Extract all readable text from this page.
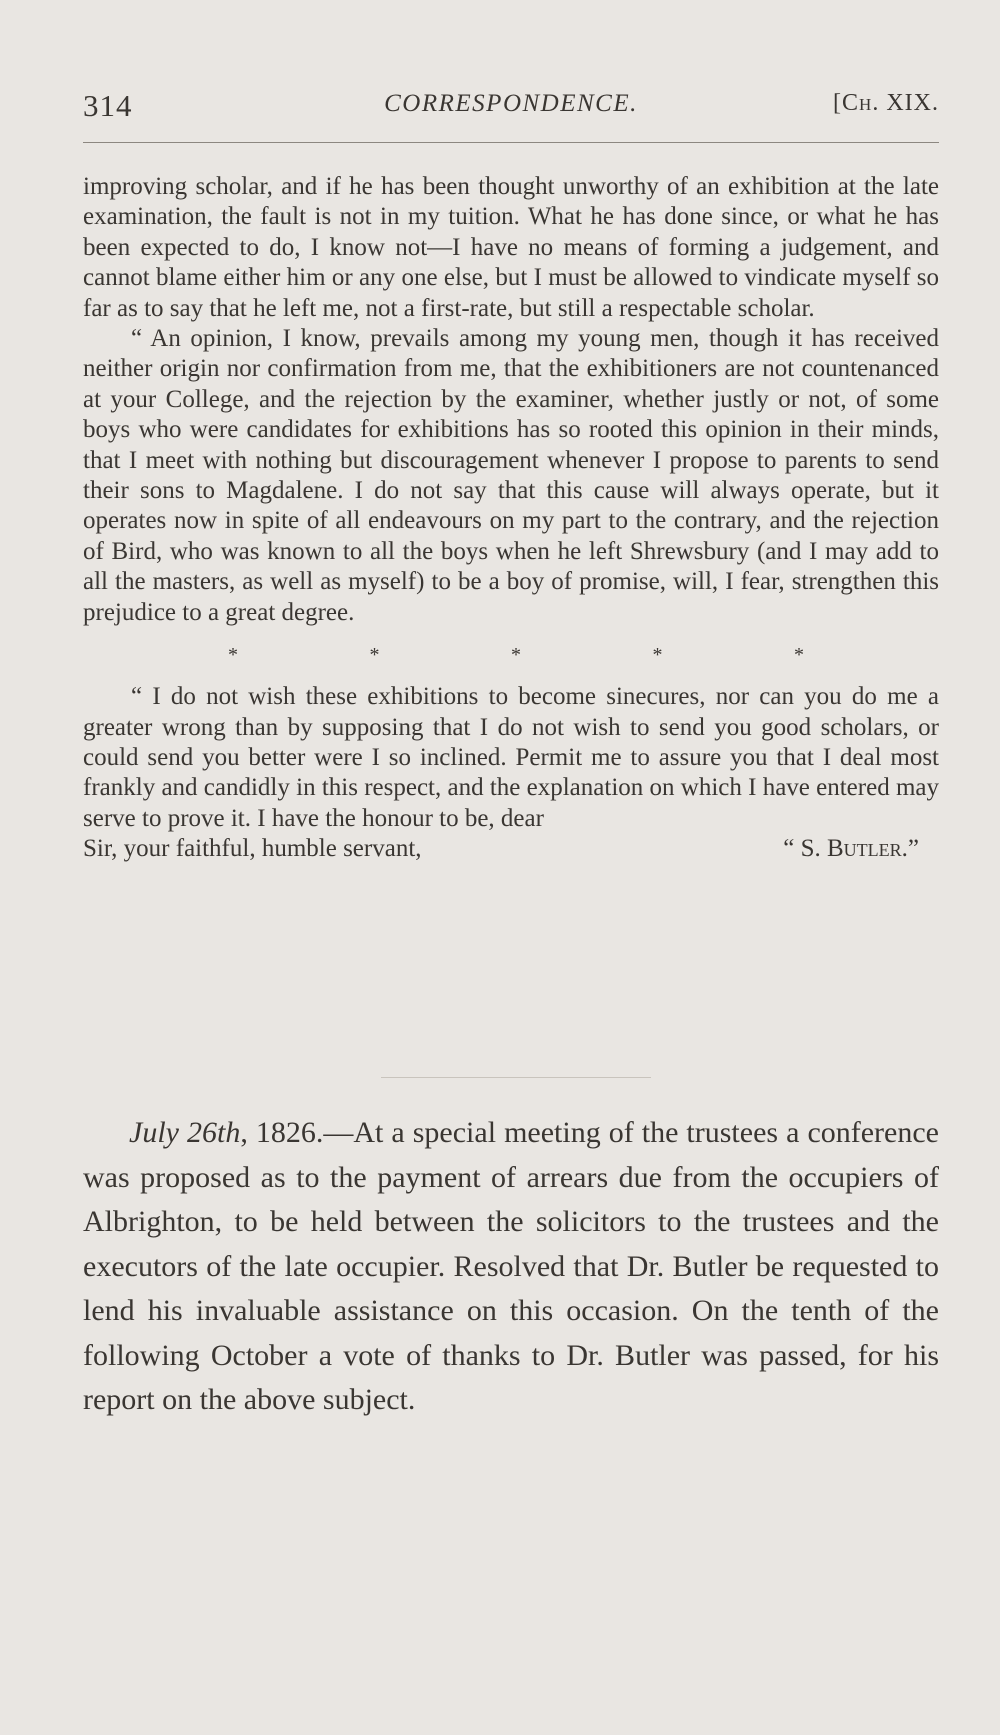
314	CORRESPONDENCE.	[Ch. XIX.

improving scholar, and if he has been thought unworthy of an exhibition at the late examination, the fault is not in my tuition. What he has done since, or what he has been expected to do, I know not—I have no means of forming a judgement, and cannot blame either him or any one else, but I must be allowed to vindicate myself so far as to say that he left me, not a first-rate, but still a respectable scholar.

“ An opinion, I know, prevails among my young men, though it has received neither origin nor confirmation from me, that the exhibitioners are not countenanced at your College, and the rejection by the examiner, whether justly or not, of some boys who were candidates for exhibitions has so rooted this opinion in their minds, that I meet with nothing but discouragement whenever I propose to parents to send their sons to Magdalene. I do not say that this cause will always operate, but it operates now in spite of all endeavours on my part to the contrary, and the rejection of Bird, who was known to all the boys when he left Shrewsbury (and I may add to all the masters, as well as myself) to be a boy of promise, will, I fear, strengthen this prejudice to a great degree.

*	*	*	*	*

“ I do not wish these exhibitions to become sinecures, nor can you do me a greater wrong than by supposing that I do not wish to send you good scholars, or could send you better were I so inclined. Permit me to assure you that I deal most frankly and candidly in this respect, and the explanation on which I have entered may serve to prove it. I have the honour to be, dear

Sir, your faithful, humble servant,	“ S. Butler.”

July 26th, 1826.—At a special meeting of the trustees a conference was proposed as to the payment of arrears due from the occupiers of Albrighton, to be held between the solicitors to the trustees and the executors of the late occupier. Resolved that Dr. Butler be requested to lend his invaluable assistance on this occasion. On the tenth of the following October a vote of thanks to Dr. Butler was passed, for his report on the above subject.
